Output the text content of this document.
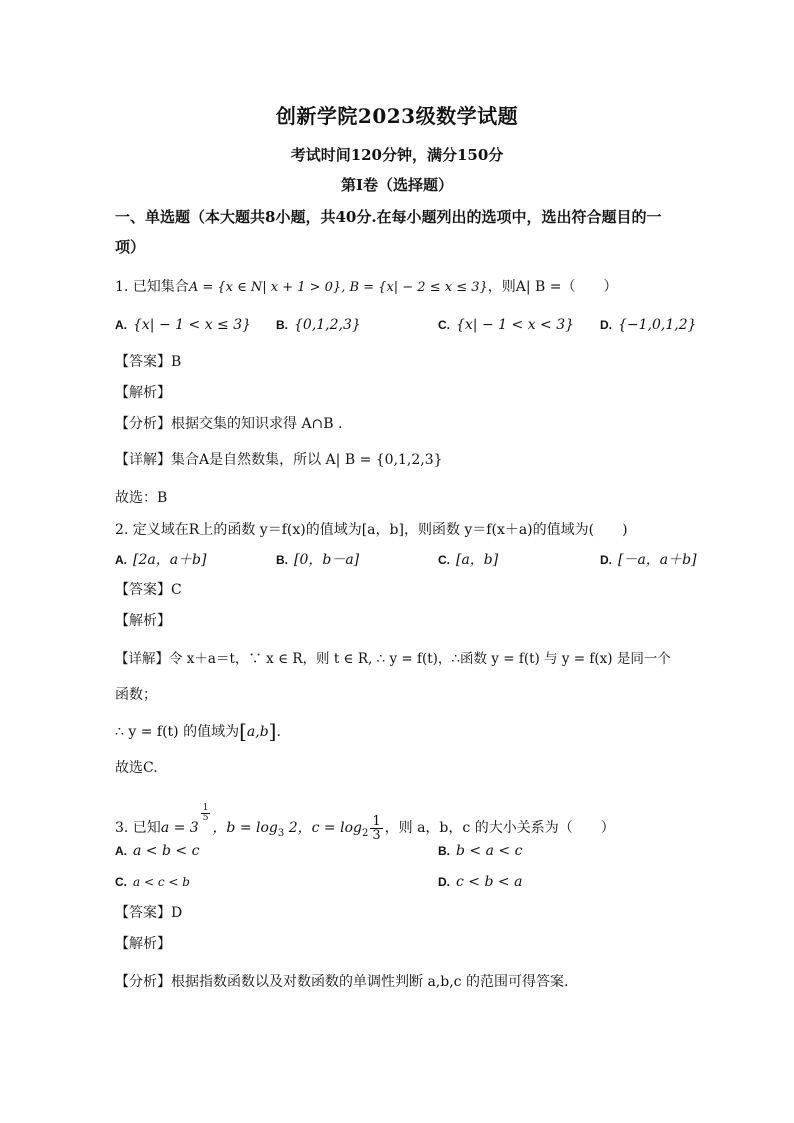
创新学院2023级数学试题
考试时间120分钟，满分150分
第I卷（选择题）
一、单选题（本大题共8小题，共40分.在每小题列出的选项中，选出符合题目的一
项）
1. 已知集合A = {x ∈ N| x + 1 > 0}, B = {x| − 2 ≤ x ≤ 3}，则A| B =（　　）
A. {x| − 1 < x ≤ 3} B. {0,1,2,3}	C. {x| − 1 < x < 3} D. {−1,0,1,2}
【答案】B
【解析】
【分析】根据交集的知识求得 A∩B .
【详解】集合A是自然数集，所以 A| B = {0,1,2,3}
故选：B
2. 定义域在R上的函数 y＝f(x)的值域为[a，b]，则函数 y＝f(x＋a)的值域为(　　)
A. [2a，a＋b]	B. [0，b－a]	C. [a，b]	D. [－a，a＋b]
【答案】C
【解析】
【详解】令 x＋a＝t，∵ x ∈ R，则 t ∈ R, ∴ y = f(t)，∴函数 y = f(t) 与 y = f(x) 是同一个
函数；
∴ y = f(t) 的值域为[a,b].
故选C.
3. 已知a = 3
$^{\frac{1}{5}}$
，$b = \log_3 2$，$c = \log_2 \frac{1}{3}$ ，则 a，b，c 的大小关系为（　　）
A. a < b < c	B. b < a < c
C. a < c < b	D. c < b < a
【答案】D
【解析】
【分析】根据指数函数以及对数函数的单调性判断 a,b,c 的范围可得答案.
